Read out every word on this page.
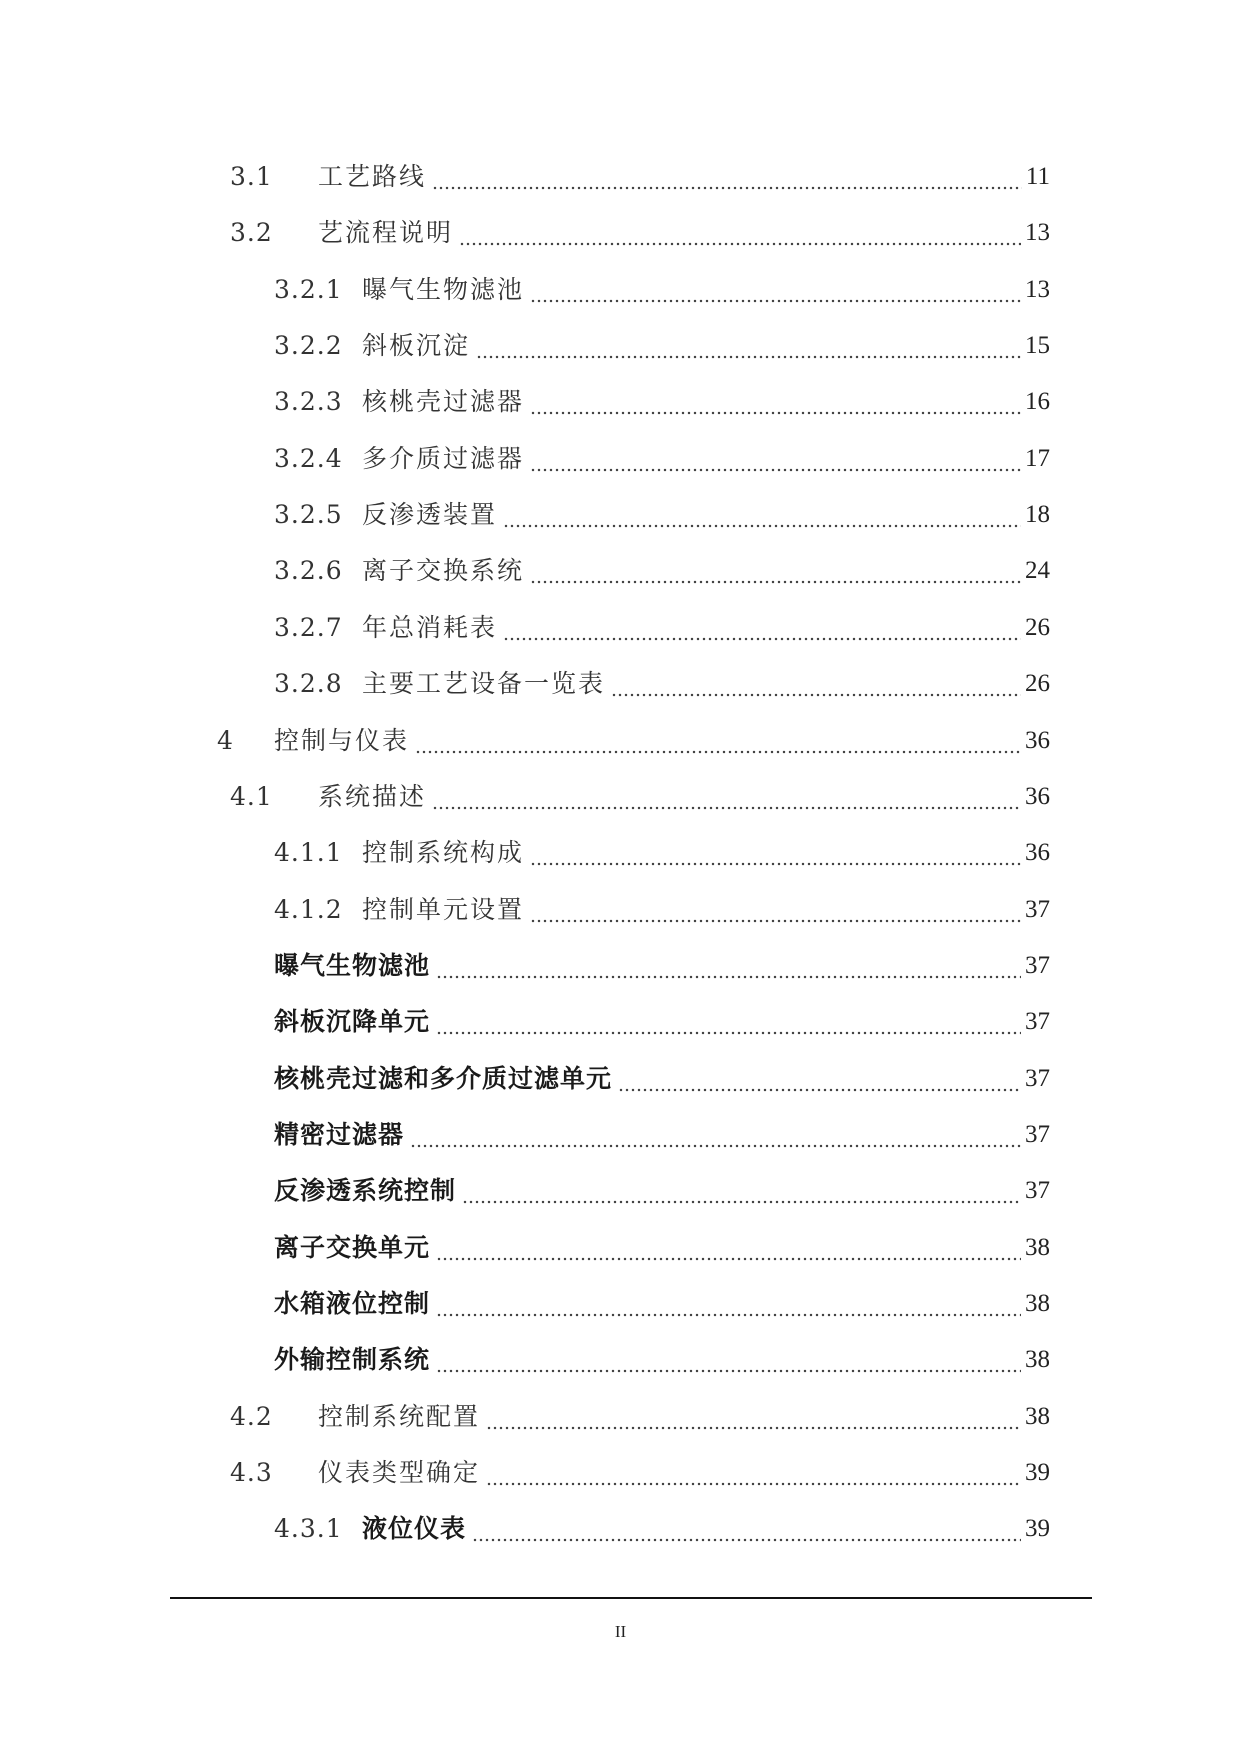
3.1	工艺路线	11
3.2	艺流程说明	13
3.2.1 曝气生物滤池	13
3.2.2 斜板沉淀	15
3.2.3 核桃壳过滤器	16
3.2.4 多介质过滤器	17
3.2.5 反渗透装置	18
3.2.6 离子交换系统	24
3.2.7 年总消耗表	26
3.2.8 主要工艺设备一览表	26
4	控制与仪表	36
4.1	系统描述	36
4.1.1 控制系统构成	36
4.1.2 控制单元设置	37
曝气生物滤池	37
斜板沉降单元	37
核桃壳过滤和多介质过滤单元	37
精密过滤器	37
反渗透系统控制	37
离子交换单元	38
水箱液位控制	38
外输控制系统	38
4.2	控制系统配置	38
4.3	仪表类型确定	39
4.3.1 液位仪表	39
II
